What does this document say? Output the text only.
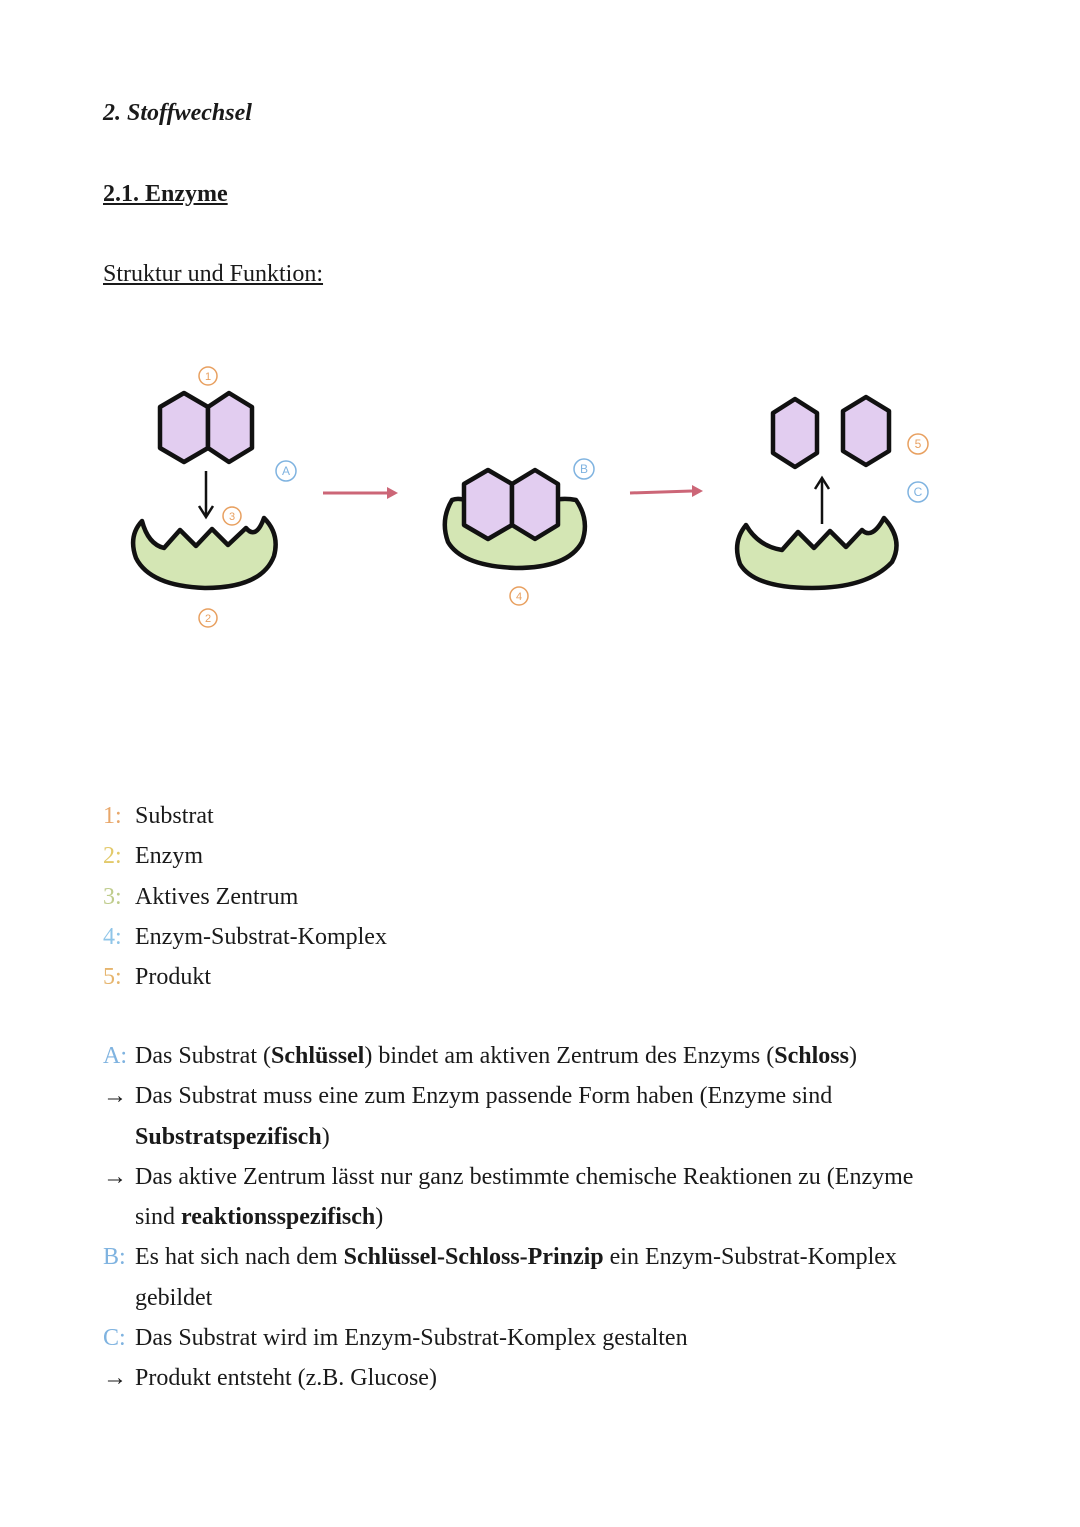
2. Stoffwechsel
2.1. Enzyme
Struktur und Funktion:
1
3
2
4
5
A	B
C
1: Substrat
2: Enzym
3: Aktives Zentrum
4: Enzym-Substrat-Komplex
5: Produkt
A: Das Substrat (Schlüssel) bindet am aktiven Zentrum des Enzyms (Schloss)
→ Das Substrat muss eine zum Enzym passende Form haben (Enzyme sind
Substratspezifisch)
→ Das aktive Zentrum lässt nur ganz bestimmte chemische Reaktionen zu (Enzyme
sind reaktionsspezifisch)
B: Es hat sich nach dem Schlüssel-Schloss-Prinzip ein Enzym-Substrat-Komplex
gebildet
C: Das Substrat wird im Enzym-Substrat-Komplex gestalten
→ Produkt entsteht (z.B. Glucose)
